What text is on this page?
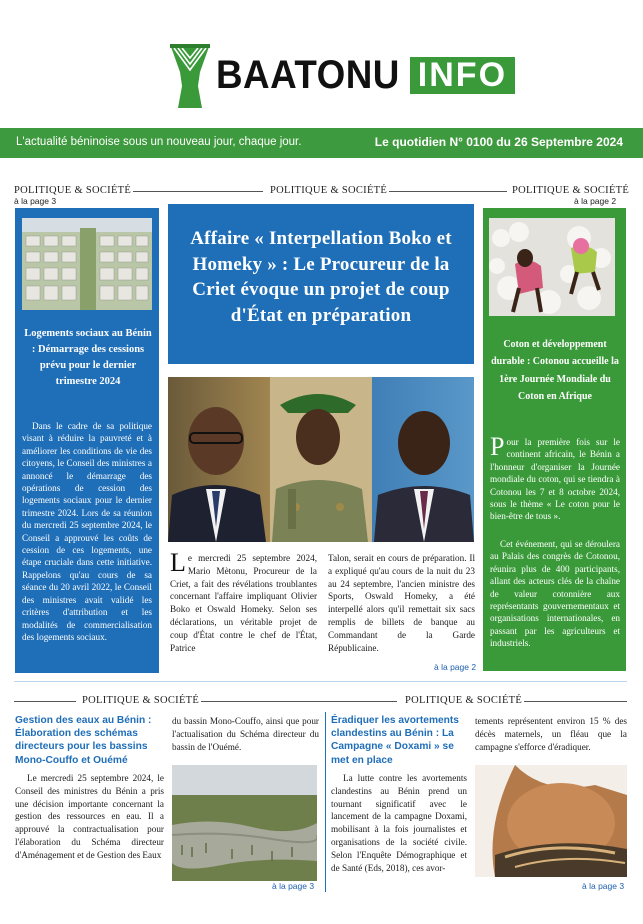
BAATONU INFO
L'actualité béninoise sous un nouveau jour, chaque jour.	Le quotidien N° 0100 du 26 Septembre 2024
POLITIQUE & SOCIÉTÉ
à la page 3
POLITIQUE & SOCIÉTÉ	POLITIQUE & SOCIÉTÉ
à la page 2
Logements sociaux au Bénin : Démarrage des cessions prévu pour le dernier trimestre 2024
Dans le cadre de sa politique visant à réduire la pauvreté et à améliorer les conditions de vie des citoyens, le Conseil des ministres a annoncé le démarrage des opérations de cession des logements sociaux pour le dernier trimestre 2024. Lors de sa réunion du mercredi 25 septembre 2024, le Conseil a approuvé les coûts de cession de ces logements, une étape cruciale dans cette initiative. Rappelons qu'au cours de sa séance du 20 avril 2022, le Conseil des ministres avait validé les critères d'attribution et les modalités de commercialisation des logements sociaux.
Affaire « Interpellation Boko et Homeky » : Le Procureur de la Criet évoque un projet de coup d'État en préparation
Le mercredi 25 septembre 2024, Mario Mètonu, Procureur de la Criet, a fait des révélations troublantes concernant l'affaire impliquant Olivier Boko et Oswald Homeky. Selon ses déclarations, un véritable projet de coup d'État contre le chef de l'État, Patrice
Talon, serait en cours de préparation. Il a expliqué qu'au cours de la nuit du 23 au 24 septembre, l'ancien ministre des Sports, Oswald Homeky, a été interpellé alors qu'il remettait six sacs remplis de billets de banque au Commandant de la Garde Républicaine.
à la page 2
Coton et développement durable : Cotonou accueille la 1ère Journée Mondiale du Coton en Afrique
Pour la première fois sur le continent africain, le Bénin a l'honneur d'organiser la Journée mondiale du coton, qui se tiendra à Cotonou les 7 et 8 octobre 2024, sous le thème « Le coton pour le bien-être de tous ».
Cet événement, qui se déroulera au Palais des congrès de Cotonou, réunira plus de 400 participants, allant des acteurs clés de la chaîne de valeur cotonnière aux représentants gouvernementaux et organisations internationales, en passant par les agriculteurs et industriels.
POLITIQUE & SOCIÉTÉ	POLITIQUE & SOCIÉTÉ
Gestion des eaux au Bénin : Élaboration des schémas directeurs pour les bassins Mono-Couffo et Ouémé
Le mercredi 25 septembre 2024, le Conseil des ministres du Bénin a pris une décision importante concernant la gestion des ressources en eau. Il a approuvé la contractualisation pour l'élaboration du Schéma directeur d'Aménagement et de Gestion des Eaux
du bassin Mono-Couffo, ainsi que pour l'actualisation du Schéma directeur du bassin de l'Ouémé.
à la page 3
Éradiquer les avortements clandestins au Bénin : La Campagne « Doxami » se met en place
La lutte contre les avortements clandestins au Bénin prend un tournant significatif avec le lancement de la campagne Doxami, mobilisant à la fois journalistes et organisations de la société civile. Selon l'Enquête Démographique et de Santé (Eds, 2018), ces avor-
tements représentent environ 15 % des décès maternels, un fléau que la campagne s'efforce d'éradiquer.
à la page 3
